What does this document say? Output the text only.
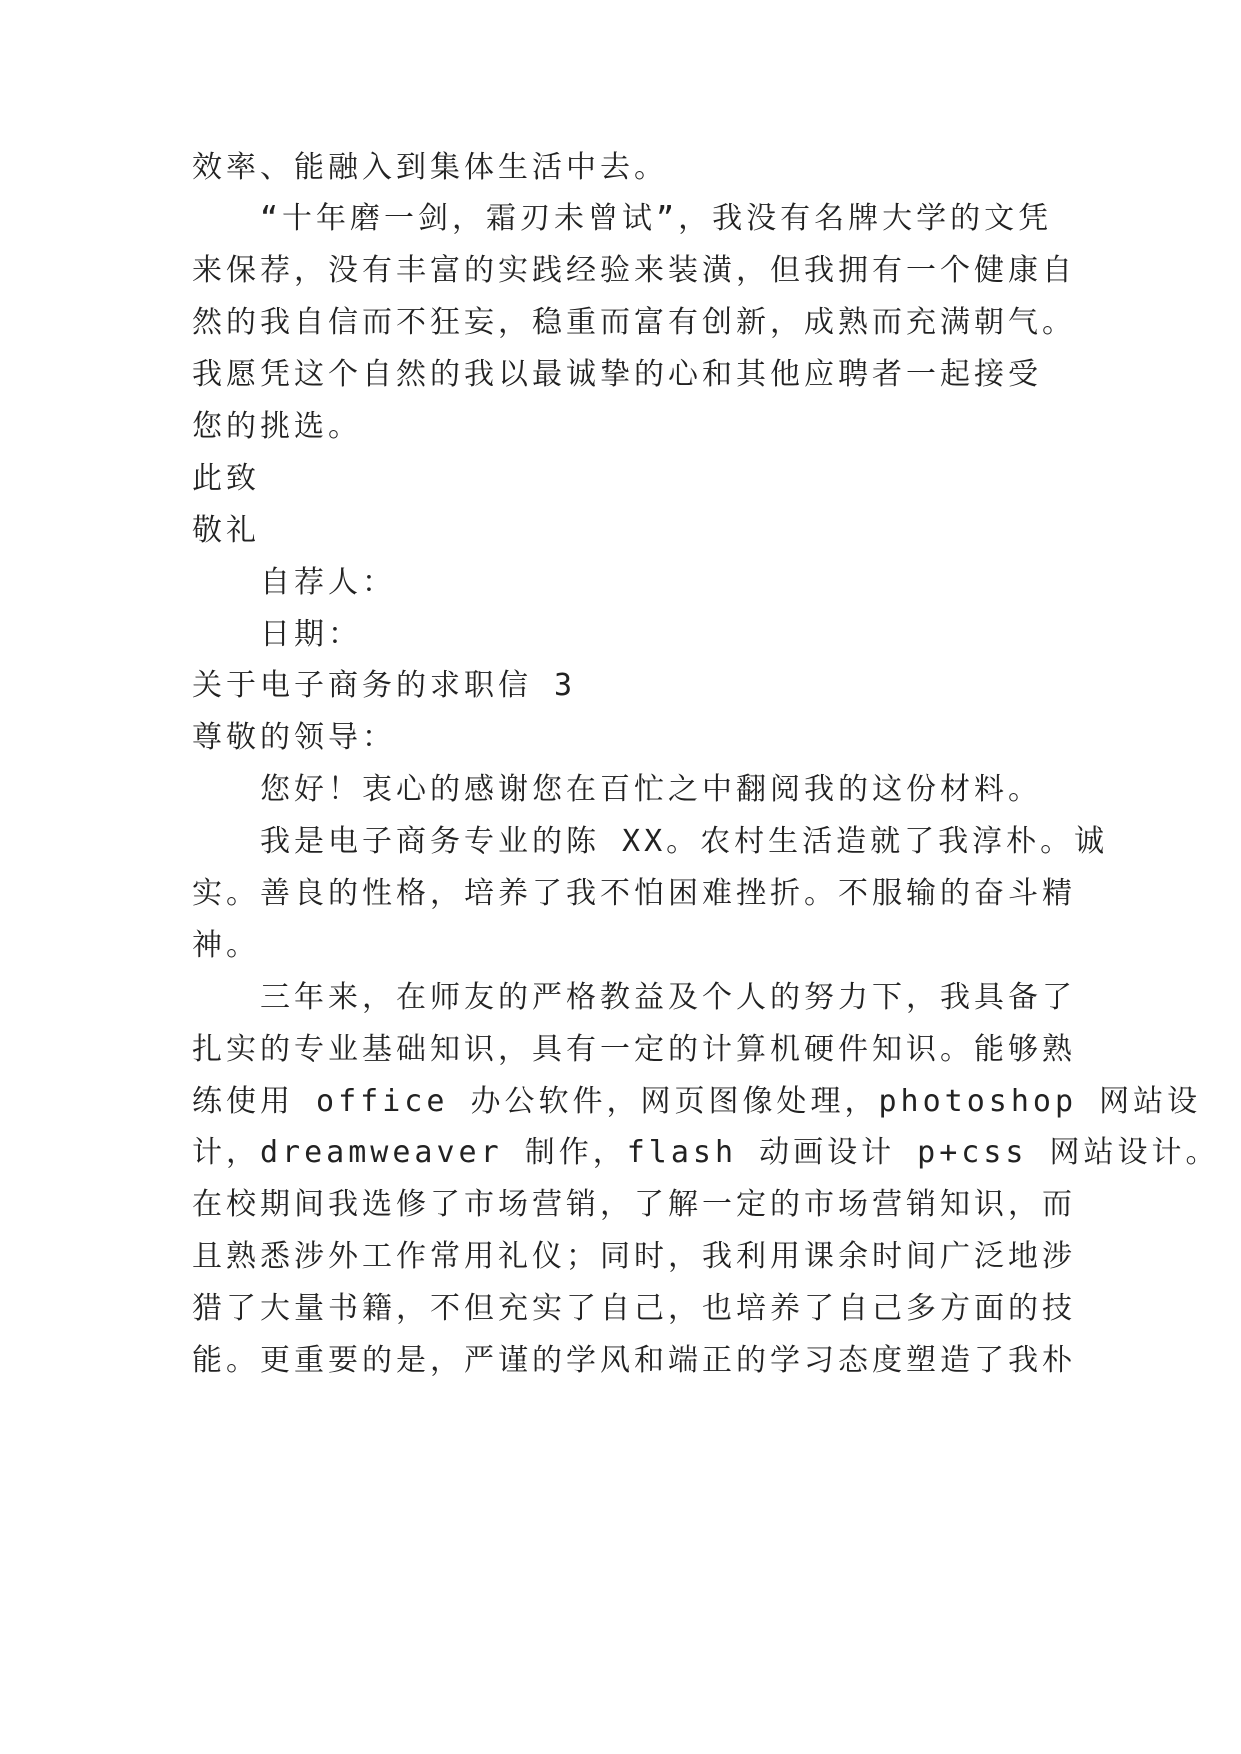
效率、能融入到集体生活中去。

“十年磨一剑，霜刃未曾试”，我没有名牌大学的文凭

来保荐，没有丰富的实践经验来装潢，但我拥有一个健康自

然的我自信而不狂妄，稳重而富有创新，成熟而充满朝气。

我愿凭这个自然的我以最诚挚的心和其他应聘者一起接受

您的挑选。

此致

敬礼

自荐人：

日期：

关于电子商务的求职信 3

尊敬的领导：

您好！衷心的感谢您在百忙之中翻阅我的这份材料。

我是电子商务专业的陈 XX。农村生活造就了我淳朴。诚

实。善良的性格，培养了我不怕困难挫折。不服输的奋斗精

神。

三年来，在师友的严格教益及个人的努力下，我具备了

扎实的专业基础知识，具有一定的计算机硬件知识。能够熟

练使用 office 办公软件，网页图像处理，photoshop 网站设

计，dreamweaver 制作，flash 动画设计 p+css 网站设计。

在校期间我选修了市场营销，了解一定的市场营销知识，而

且熟悉涉外工作常用礼仪；同时，我利用课余时间广泛地涉

猎了大量书籍，不但充实了自己，也培养了自己多方面的技

能。更重要的是，严谨的学风和端正的学习态度塑造了我朴
